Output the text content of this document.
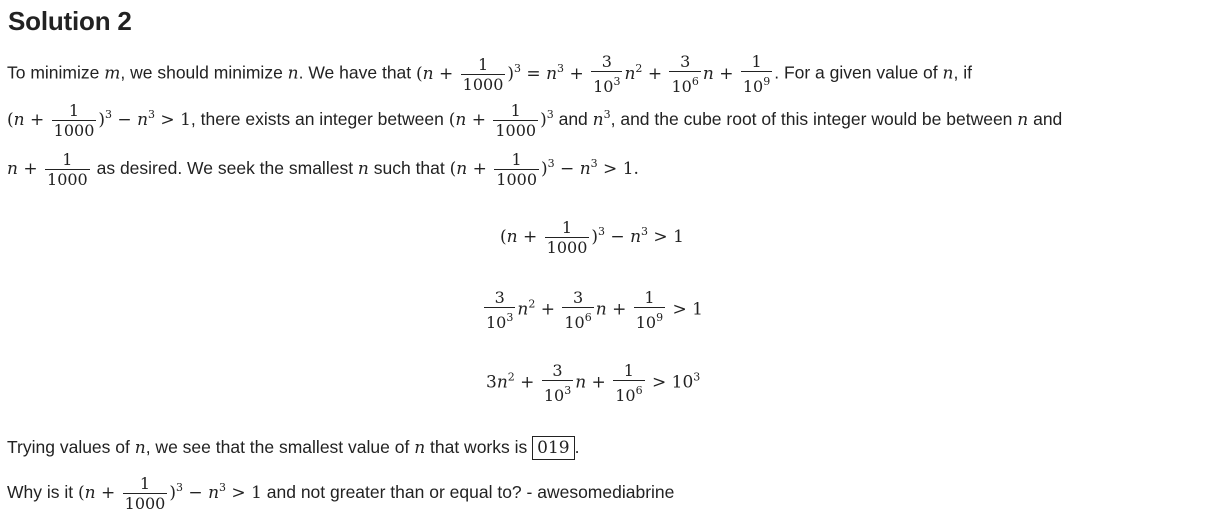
Solution 2
To minimize m, we should minimize n. We have that $(n + \frac{1}{1000} )^3 = n^3 + \frac{3}{10^3} n^2 + \frac{3}{10^6}$ $n + \frac{1}{10^9}$ . For a given value of n, if
$(n + \frac{1}{1000} )^3 - n^3 > 1$, there exists an integer between $(n + \frac{1}{1000} )^3$ and $n^3$, and the cube root of this integer would be between n and
$n + \frac{1}{1000}$ as desired. We seek the smallest n such that $(n + \frac{1}{1000} )^3 - n^3 > 1$.
$(n + \frac{1}{1000} )^3 - n^3 > 1$
$\frac{3}{10^3} n^2 + \frac{3}{10^6}$ $n + \frac{1}{10^9} > 1$
$3n^2 + \frac{3}{10^3}$ $n + \frac{1}{10^6} > 10^3$
Trying values of n, we see that the smallest value of n that works is 019 .
Why is it $(n + \frac{1}{1000} )^3 - n^3 > 1$ and not greater than or equal to? - awesomediabrine
